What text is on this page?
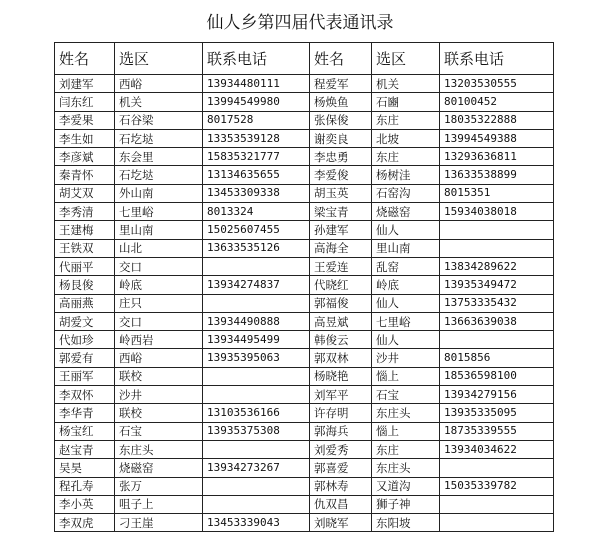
仙人乡第四届代表通讯录
姓名	选区	联系电话	姓名	选区	联系电话
刘建军	西峪	13934480111	程爱军	机关	13203530555
闫东红	机关	13994549980	杨焕鱼	石豳	80100452
李爱果	石谷梁	8017528	张保俊	东庄	18035322888
李生如	石圪垯	13353539128	谢奕良	北坡	13994549388
李彦斌	东会里	15835321777	李忠勇	东庄	13293636811
秦青怀	石圪垯	13134635655	李爱俊	杨树洼	13633538899
胡艾双	外山南	13453309338	胡玉英	石窑沟	8015351
李秀清	七里峪	8013324	梁宝青	烧磁窑	15934038018
王建梅	里山南	15025607455	孙建军	仙人	
王铁双	山北	13633535126	高海全	里山南	
代丽平	交口		王爱连	乱窑	13834289622
杨艮俊	岭底	13934274837	代晓红	岭底	13935349472
高丽燕	庄只		郭福俊	仙人	13753335432
胡爱文	交口	13934490888	高昱斌	七里峪	13663639038
代如珍	岭西岩	13934495499	韩俊云	仙人	
郭爱有	西峪	13935395063	郭双林	沙井	8015856
王丽军	联校		杨晓艳	惱上	18536598100
李双怀	沙井		刘军平	石宝	13934279156
李华青	联校	13103536166	许存明	东庄头	13935335095
杨宝红	石宝	13935375308	郭海兵	惱上	18735339555
赵宝青	东庄头		刘爱秀	东庄	13934034622
吴昊	烧磁窑	13934273267	郭喜爱	东庄头	
程孔寿	张万		郭林寿	又道沟	15035339782
李小英	咀子上		仇双昌	狮子神	
李双虎	刁王崖	13453339043	刘晓军	东阳坡	
